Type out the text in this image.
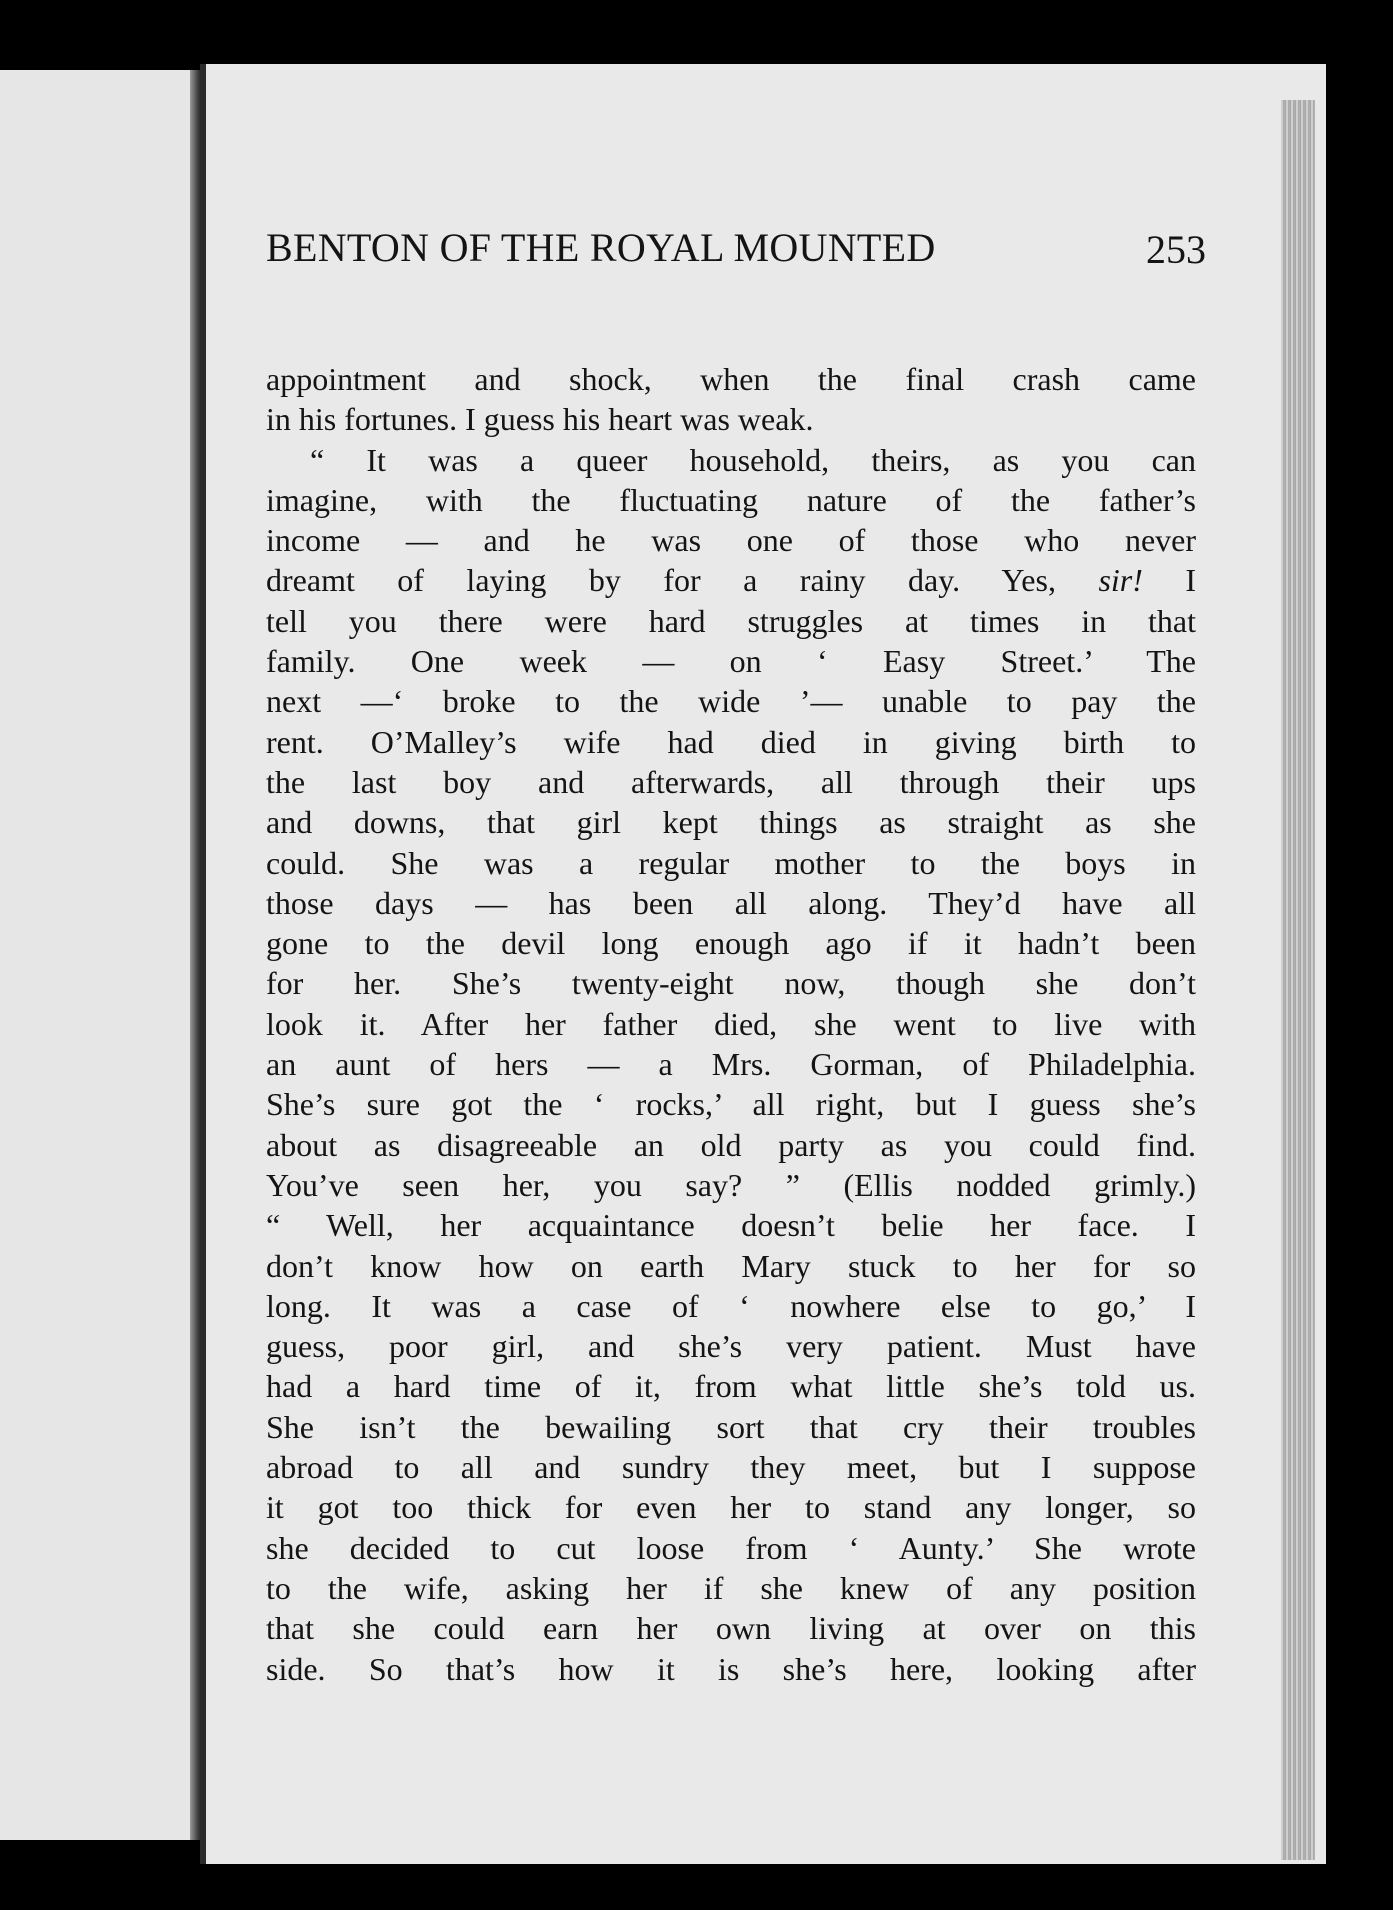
BENTON OF THE ROYAL MOUNTED	253
appointment and shock, when the final crash came
in his fortunes. I guess his heart was weak.
“ It was a queer household, theirs, as you can
imagine, with the fluctuating nature of the father’s
income — and he was one of those who never
dreamt of laying by for a rainy day. Yes, sir! I
tell you there were hard struggles at times in that
family. One week — on ‘ Easy Street.’ The
next —‘ broke to the wide ’— unable to pay the
rent. O’Malley’s wife had died in giving birth to
the last boy and afterwards, all through their ups
and downs, that girl kept things as straight as she
could. She was a regular mother to the boys in
those days — has been all along. They’d have all
gone to the devil long enough ago if it hadn’t been
for her. She’s twenty-eight now, though she don’t
look it. After her father died, she went to live with
an aunt of hers — a Mrs. Gorman, of Philadelphia.
She’s sure got the ‘ rocks,’ all right, but I guess she’s
about as disagreeable an old party as you could find.
You’ve seen her, you say? ” (Ellis nodded grimly.)
“ Well, her acquaintance doesn’t belie her face. I
don’t know how on earth Mary stuck to her for so
long. It was a case of ‘ nowhere else to go,’ I
guess, poor girl, and she’s very patient. Must have
had a hard time of it, from what little she’s told us.
She isn’t the bewailing sort that cry their troubles
abroad to all and sundry they meet, but I suppose
it got too thick for even her to stand any longer, so
she decided to cut loose from ‘ Aunty.’ She wrote
to the wife, asking her if she knew of any position
that she could earn her own living at over on this
side. So that’s how it is she’s here, looking after
